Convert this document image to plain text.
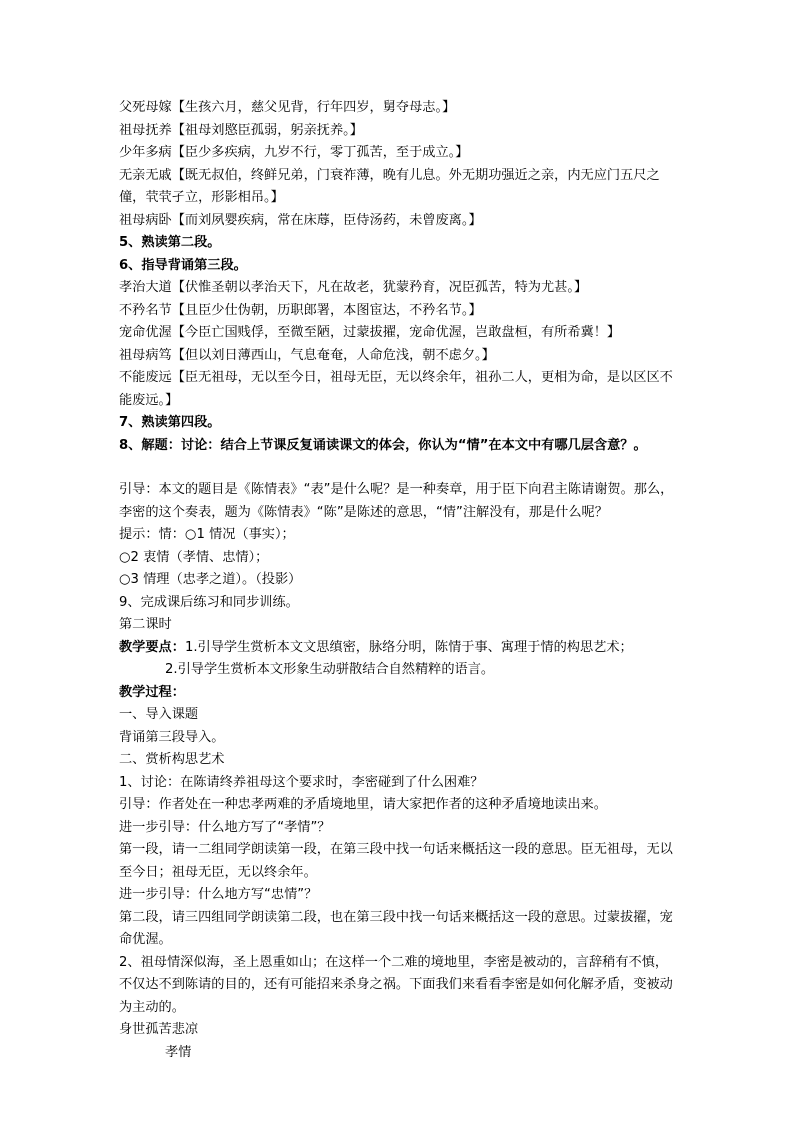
父死母嫁【生孩六月，慈父见背，行年四岁，舅夺母志。】
祖母抚养【祖母刘愍臣孤弱，躬亲抚养。】
少年多病【臣少多疾病，九岁不行，零丁孤苦，至于成立。】
无亲无戚【既无叔伯，终鲜兄弟，门衰祚薄，晚有儿息。外无期功强近之亲，内无应门五尺之僮，茕茕孑立，形影相吊。】
祖母病卧【而刘夙婴疾病，常在床蓐，臣侍汤药，未曾废离。】
5、熟读第二段。
6、指导背诵第三段。
孝治大道【伏惟圣朝以孝治天下，凡在故老，犹蒙矜育，况臣孤苦，特为尤甚。】
不矜名节【且臣少仕伪朝，历职郎署，本图宦达，不矜名节。】
宠命优渥【今臣亡国贱俘，至微至陋，过蒙拔擢，宠命优渥，岂敢盘桓，有所希冀！】
祖母病笃【但以刘日薄西山，气息奄奄，人命危浅，朝不虑夕。】
不能废远【臣无祖母，无以至今日，祖母无臣，无以终余年，祖孙二人，更相为命，是以区区不能废远。】
7、熟读第四段。
8、解题：讨论：结合上节课反复诵读课文的体会，你认为“情”在本文中有哪几层含意？。
引导：本文的题目是《陈情表》“表”是什么呢？是一种奏章，用于臣下向君主陈请谢贺。那么，李密的这个奏表，题为《陈情表》“陈”是陈述的意思，“情”注解没有，那是什么呢？
提示：情：○1 情况（事实）；
○2 衷情（孝情、忠情）；
○3 情理（忠孝之道）。（投影）
9、完成课后练习和同步训练。
第二课时
教学要点：1.引导学生赏析本文文思缜密，脉络分明，陈情于事、寓理于情的构思艺术；
2.引导学生赏析本文形象生动骈散结合自然精粹的语言。
教学过程：
一、导入课题
背诵第三段导入。
二、赏析构思艺术
1、讨论：在陈请终养祖母这个要求时，李密碰到了什么困难？
引导：作者处在一种忠孝两难的矛盾境地里，请大家把作者的这种矛盾境地读出来。
进一步引导：什么地方写了“孝情”？
第一段，请一二组同学朗读第一段，在第三段中找一句话来概括这一段的意思。臣无祖母，无以至今日；祖母无臣，无以终余年。
进一步引导：什么地方写“忠情”？
第二段，请三四组同学朗读第二段，也在第三段中找一句话来概括这一段的意思。过蒙拔擢，宠命优渥。
2、祖母情深似海，圣上恩重如山；在这样一个二难的境地里，李密是被动的，言辞稍有不慎，不仅达不到陈请的目的，还有可能招来杀身之祸。下面我们来看看李密是如何化解矛盾，变被动为主动的。
身世孤苦悲凉
孝情
